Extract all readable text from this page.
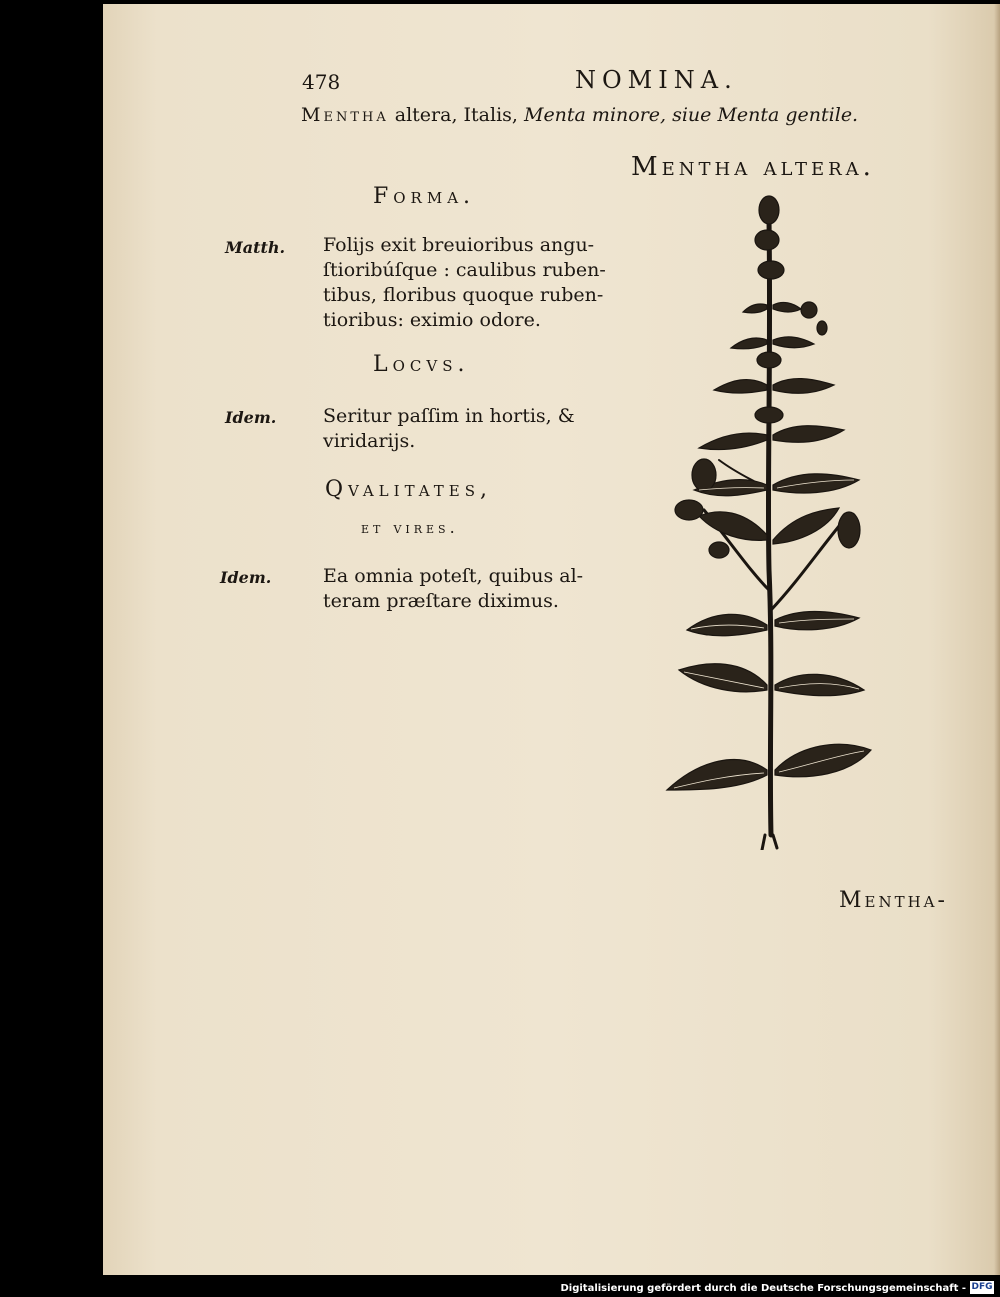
478	NOMINA.
Mentha altera, Italis, Menta minore, siue Menta gentile.
Mentha altera.
Forma.
Matth. Folijs exit breuioribus angu-
ſtioribúſque : caulibus ruben-
tibus, floribus quoque ruben-
tioribus: eximio odore.
Locvs.
Idem. Seritur paſſim in hortis, &
viridarijs.
Qvalitates,
et vires.
Idem.	Ea omnia poteſt, quibus al-
teram præſtare diximus.
Mentha-
Digitalisierung gefördert durch die Deutsche Forschungsgemeinschaft - DFG
